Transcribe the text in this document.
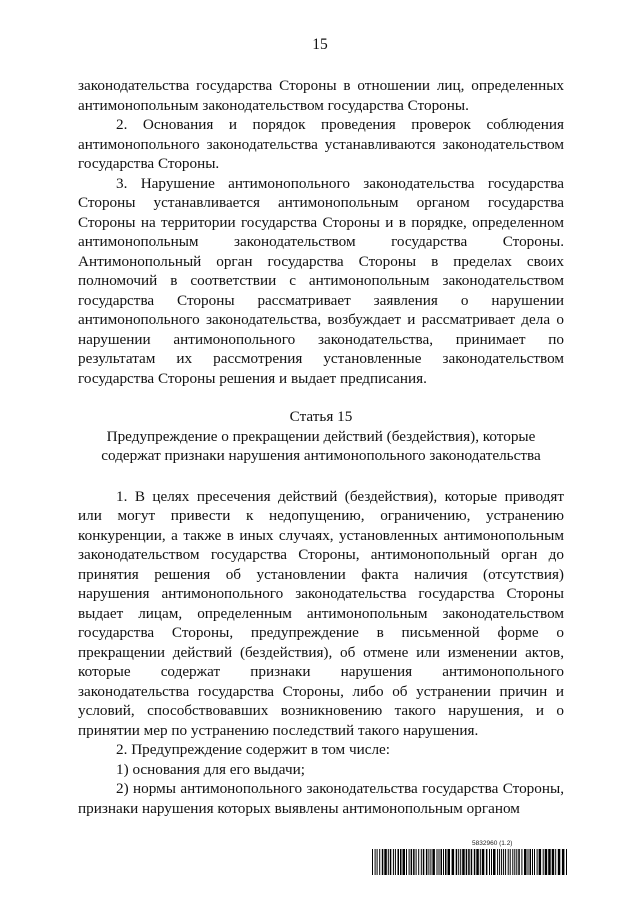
15

законодательства государства Стороны в отношении лиц, определенных антимонопольным законодательством государства Стороны.

2. Основания и порядок проведения проверок соблюдения антимонопольного законодательства устанавливаются законодательством государства Стороны.

3. Нарушение антимонопольного законодательства государства Стороны устанавливается антимонопольным органом государства Стороны на территории государства Стороны и в порядке, определенном антимонопольным законодательством государства Стороны. Антимонопольный орган государства Стороны в пределах своих полномочий в соответствии с антимонопольным законодательством государства Стороны рассматривает заявления о нарушении антимонопольного законодательства, возбуждает и рассматривает дела о нарушении антимонопольного законодательства, принимает по результатам их рассмотрения установленные законодательством государства Стороны решения и выдает предписания.

Статья 15
Предупреждение о прекращении действий (бездействия), которые
содержат признаки нарушения антимонопольного законодательства

1. В целях пресечения действий (бездействия), которые приводят или могут привести к недопущению, ограничению, устранению конкуренции, а также в иных случаях, установленных антимонопольным законодательством государства Стороны, антимонопольный орган до принятия решения об установлении факта наличия (отсутствия) нарушения антимонопольного законодательства государства Стороны выдает лицам, определенным антимонопольным законодательством государства Стороны, предупреждение в письменной форме о прекращении действий (бездействия), об отмене или изменении актов, которые содержат признаки нарушения антимонопольного законодательства государства Стороны, либо об устранении причин и условий, способствовавших возникновению такого нарушения, и о принятии мер по устранению последствий такого нарушения.

2. Предупреждение содержит в том числе:

1) основания для его выдачи;

2) нормы антимонопольного законодательства государства Стороны, признаки нарушения которых выявлены антимонопольным органом

5832960 (1.2)
